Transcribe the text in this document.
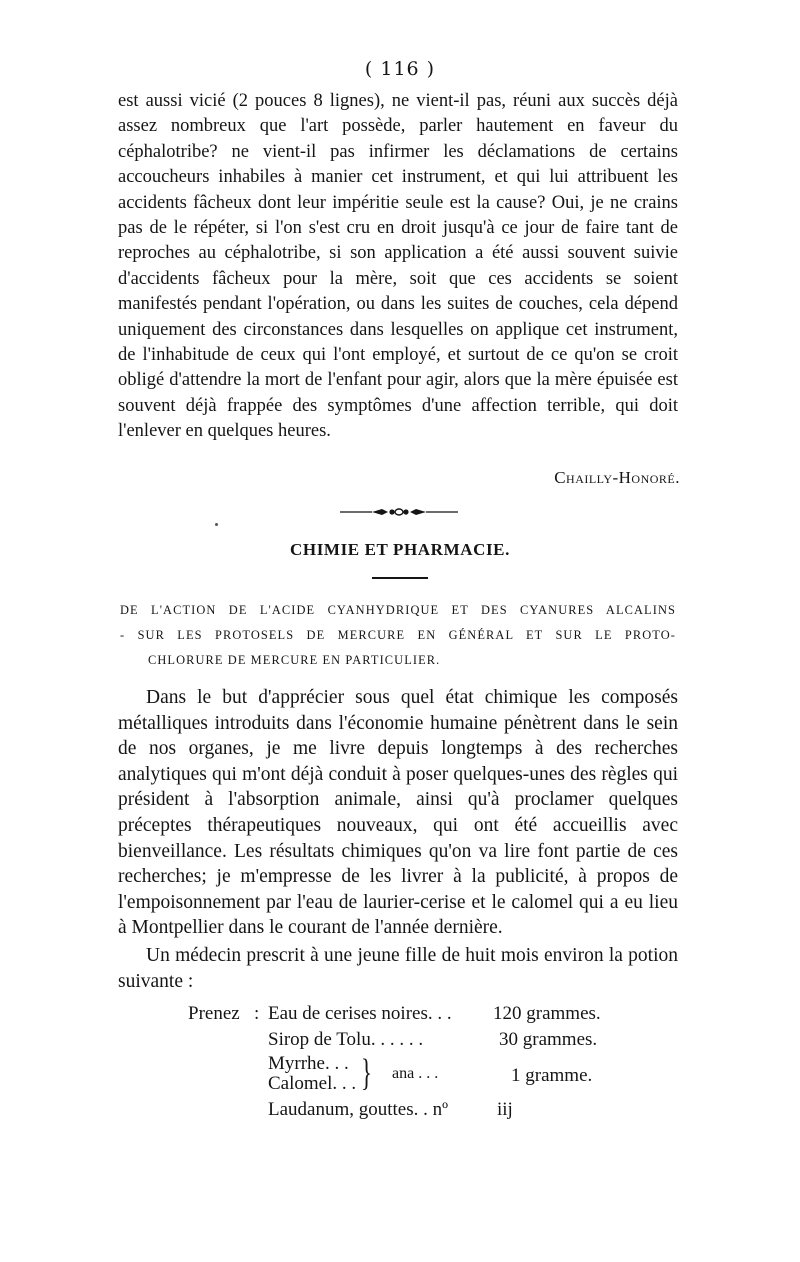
( 116 )
est aussi vicié (2 pouces 8 lignes), ne vient-il pas, réuni aux succès déjà assez nombreux que l'art possède, parler hautement en faveur du céphalotribe? ne vient-il pas infirmer les déclamations de certains accoucheurs inhabiles à manier cet instrument, et qui lui attribuent les accidents fâcheux dont leur impéritie seule est la cause? Oui, je ne crains pas de le répéter, si l'on s'est cru en droit jusqu'à ce jour de faire tant de reproches au céphalotribe, si son application a été aussi souvent suivie d'accidents fâcheux pour la mère, soit que ces accidents se soient manifestés pendant l'opération, ou dans les suites de couches, cela dépend uniquement des circonstances dans lesquelles on applique cet instrument, de l'inhabitude de ceux qui l'ont employé, et surtout de ce qu'on se croit obligé d'attendre la mort de l'enfant pour agir, alors que la mère épuisée est souvent déjà frappée des symptômes d'une affection terrible, qui doit l'enlever en quelques heures.
Chailly-Honoré.
CHIMIE ET PHARMACIE.
DE L'ACTION DE L'ACIDE CYANHYDRIQUE ET DES CYANURES ALCALINS
- SUR LES PROTOSELS DE MERCURE EN GÉNÉRAL ET SUR LE PROTO-
CHLORURE DE MERCURE EN PARTICULIER.
Dans le but d'apprécier sous quel état chimique les composés métalliques introduits dans l'économie humaine pénètrent dans le sein de nos organes, je me livre depuis longtemps à des recherches analytiques qui m'ont déjà conduit à poser quelques-unes des règles qui président à l'absorption animale, ainsi qu'à proclamer quelques préceptes thérapeutiques nouveaux, qui ont été accueillis avec bienveillance. Les résultats chimiques qu'on va lire font partie de ces recherches; je m'empresse de les livrer à la publicité, à propos de l'empoisonnement par l'eau de laurier-cerise et le calomel qui a eu lieu à Montpellier dans le courant de l'année dernière.
Un médecin prescrit à une jeune fille de huit mois environ la potion suivante :
Prenez : Eau de cerises noires. . . 120 grammes.
Sirop de Tolu. . . . . .	30 grammes.
Myrrhe. . .
Calomel. . . } ana . . .	1 gramme.
Laudanum, gouttes. . nº	iij
